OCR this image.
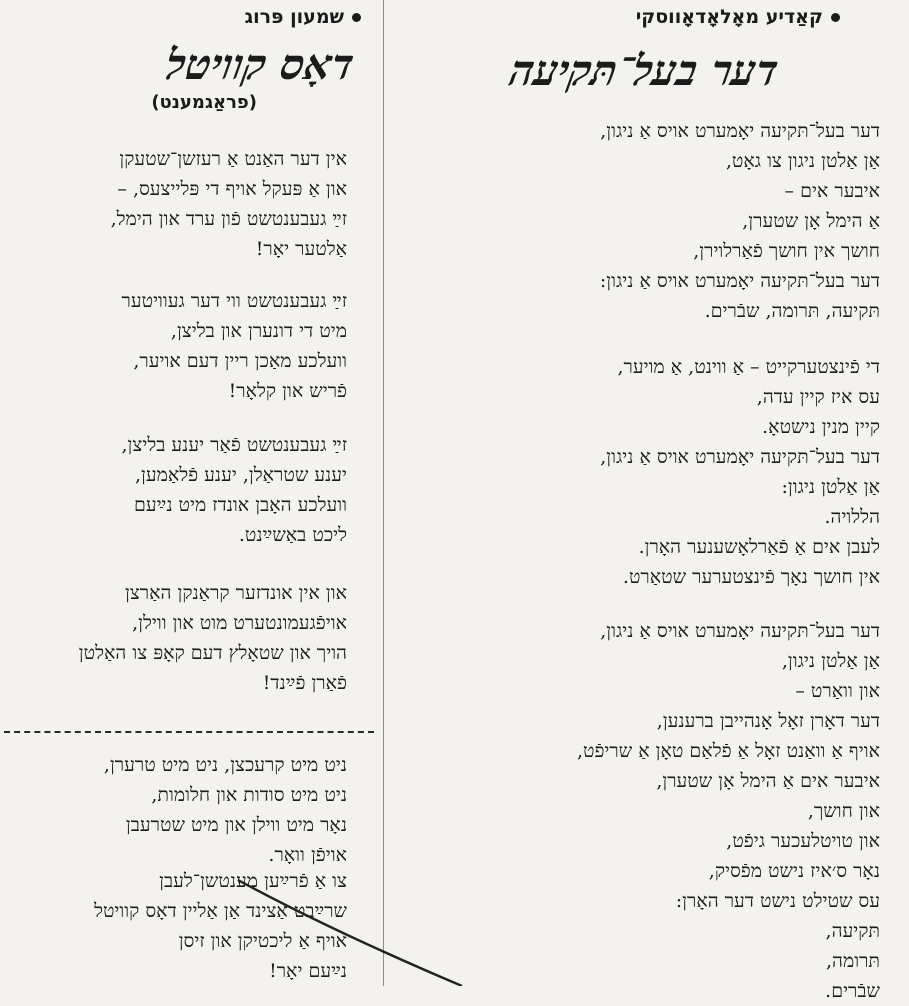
שמעון פּרוג
דאָס קוויטל
(פראַגמענט)
אין דער האַנט אַ רעזשן־שטעקן
און אַ פּעקל אויף די פּלייצעס, –
זײַ געבענטשט פֿון ערד און הימל,
אַלטער יאָר!
זײַ געבענטשט ווי דער געוויטער
מיט די דונערן און בליצן,
וועלכע מאַכן ריין דעם אויער,
פֿריש און קלאָר!
זײַ געבענטשט פֿאַר יענע בליצן,
יענע שטראַלן, יענע פֿלאַמען,
וועלכע האָבן אונדז מיט נײַעם
ליכט באַשײַנט.
און אין אונדזער קראַנקן האַרצן
אויפֿגעמונטערט מוט און ווילן,
הויך און שטאָלץ דעם קאָפּ צו האַלטן
פֿאַרן פֿײַנד!
ניט מיט קרעכצן, ניט מיט טרערן,
ניט מיט סודות און חלומות,
נאָר מיט ווילן און מיט שטרעבן
אויפֿן וואָר.
צו אַ פֿרײַען מענטשן־לעבן
שרײַבט אַצינד אַן אַליין דאָס קוויטל
אויף אַ ליכטיקן און זיסן
נײַעם יאָר!
קאַדיע מאָלאָדאָווסקי
דער בעל־תּקיעה
דער בעל־תּקיעה יאָמערט אויס אַ ניגון,
אַן אַלטן ניגון צו גאָט,
איבער אים –
אַ הימל אָן שטערן,
חושך אין חושך פֿאַרלוירן,
דער בעל־תּקיעה יאָמערט אויס אַ ניגון:
תּקיעה, תּרומה, שבֿרים.
די פֿינצטערקייט – אַ ווינט, אַ מויער,
עס איז קיין עדה,
קיין מנין נישטאָ.
דער בעל־תּקיעה יאָמערט אויס אַ ניגון,
אַן אַלטן ניגון:
הללויה.
לעבן אים אַ פֿאַרלאָשענער האָרן.
אין חושך נאָך פֿינצטערער שטאַרט.
דער בעל־תּקיעה יאָמערט אויס אַ ניגון,
אַן אַלטן ניגון,
און וואַרט –
דער דאָרן זאָל אָנהייבן ברענען,
אויף אַ וואַנט זאָל אַ פֿלאַם טאָן אַ שריפֿט,
איבער אים אַ הימל אָן שטערן,
און חושך,
און טויטלעכער גיפֿט,
נאָר ס׳איז נישט מפֿסיק,
עס שטילט נישט דער האָרן:
תּקיעה,
תּרומה,
שבֿרים.
